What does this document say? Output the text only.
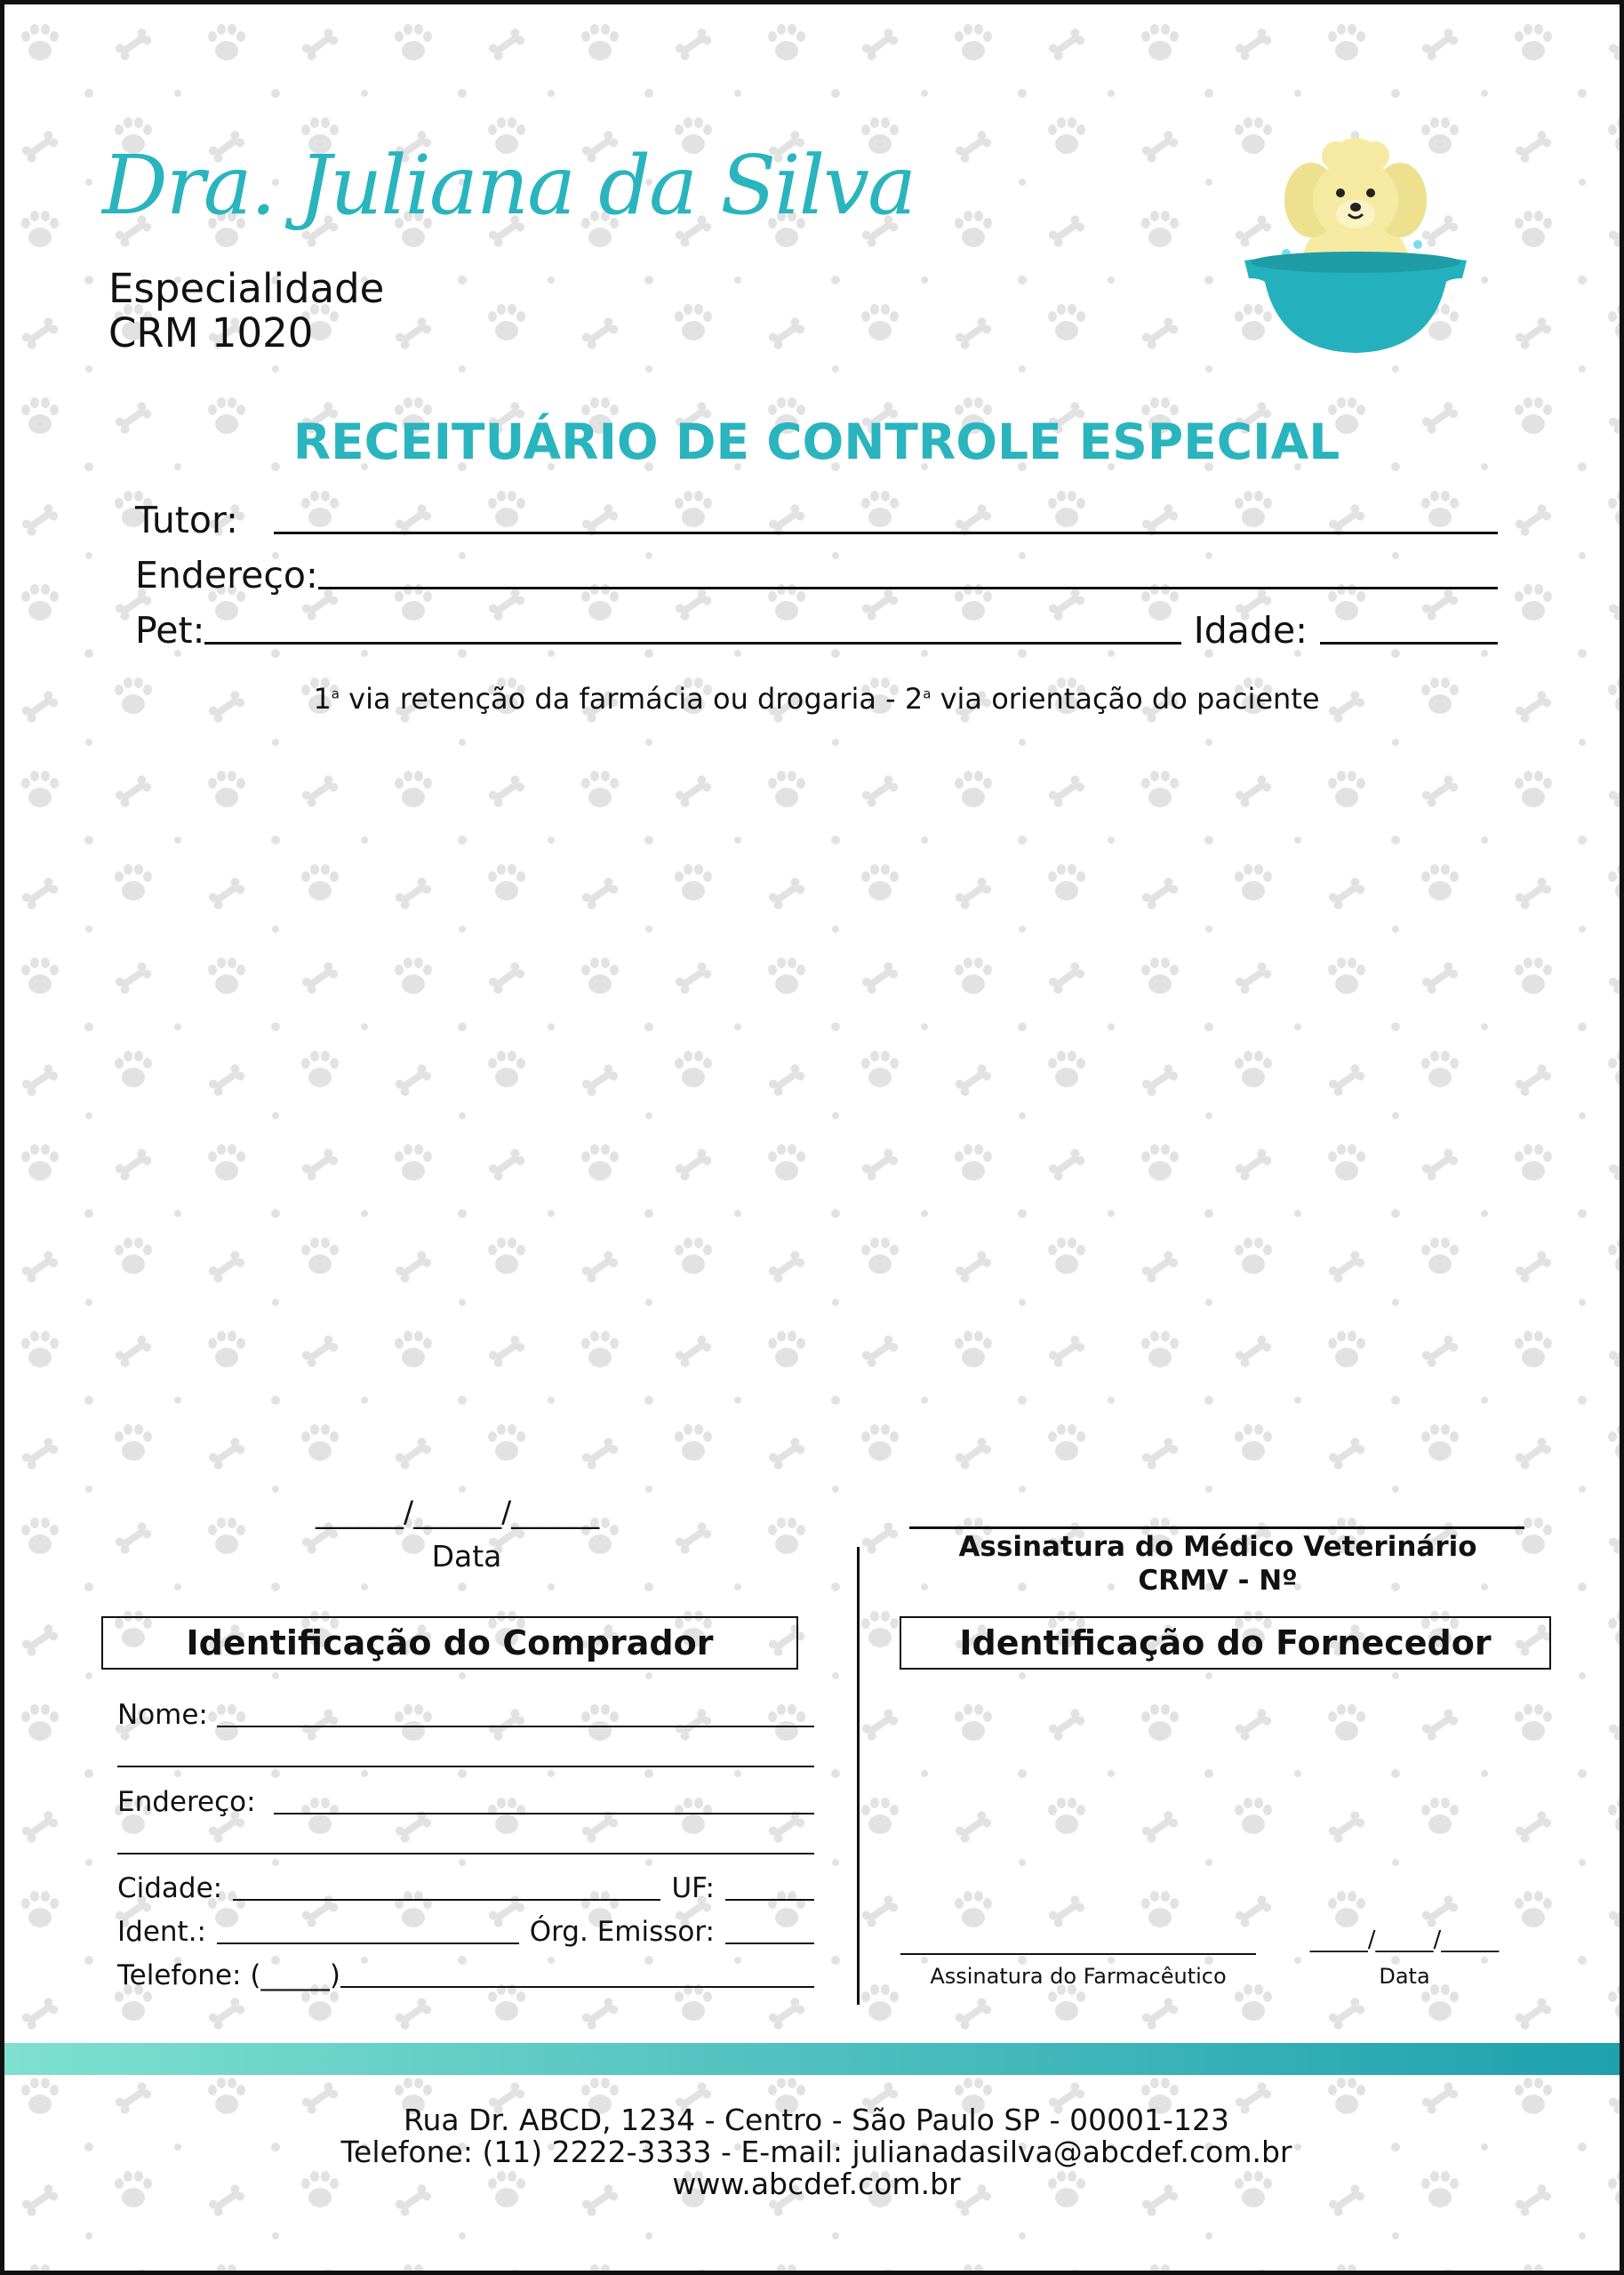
Dra. Juliana da Silva
Especialidade
CRM 1020
RECEITUÁRIO DE CONTROLE ESPECIAL
Tutor:
Endereço:
Pet:	Idade:
1$^a$ via retenção da farmácia ou drogaria - 2$^a$ via orientação do paciente
______/______/______
Data	Assinatura do Médico Veterinário
CRMV - Nº
Identificação do Comprador
Nome:
Endereço:
Cidade:	UF:
Ident.:	Órg. Emissor:
Telefone: (_____)
Identificação do Fornecedor
Assinatura do Farmacêutico
_____/_____/_____
Data
Rua Dr. ABCD, 1234 - Centro - São Paulo SP - 00001-123
Telefone: (11) 2222-3333 - E-mail: julianadasilva@abcdef.com.br
www.abcdef.com.br
